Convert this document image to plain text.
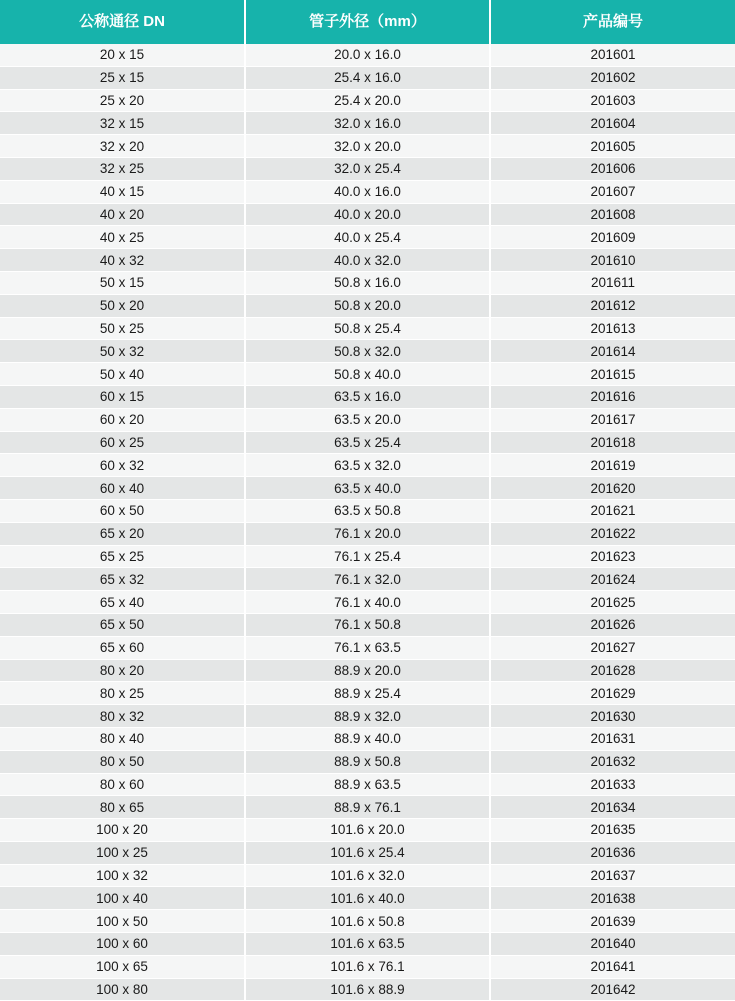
公称通径 DN	管子外径（mm）	产品编号
20 x 15	20.0 x 16.0	201601
25 x 15	25.4 x 16.0	201602
25 x 20	25.4 x 20.0	201603
32 x 15	32.0 x 16.0	201604
32 x 20	32.0 x 20.0	201605
32 x 25	32.0 x 25.4	201606
40 x 15	40.0 x 16.0	201607
40 x 20	40.0 x 20.0	201608
40 x 25	40.0 x 25.4	201609
40 x 32	40.0 x 32.0	201610
50 x 15	50.8 x 16.0	201611
50 x 20	50.8 x 20.0	201612
50 x 25	50.8 x 25.4	201613
50 x 32	50.8 x 32.0	201614
50 x 40	50.8 x 40.0	201615
60 x 15	63.5 x 16.0	201616
60 x 20	63.5 x 20.0	201617
60 x 25	63.5 x 25.4	201618
60 x 32	63.5 x 32.0	201619
60 x 40	63.5 x 40.0	201620
60 x 50	63.5 x 50.8	201621
65 x 20	76.1 x 20.0	201622
65 x 25	76.1 x 25.4	201623
65 x 32	76.1 x 32.0	201624
65 x 40	76.1 x 40.0	201625
65 x 50	76.1 x 50.8	201626
65 x 60	76.1 x 63.5	201627
80 x 20	88.9 x 20.0	201628
80 x 25	88.9 x 25.4	201629
80 x 32	88.9 x 32.0	201630
80 x 40	88.9 x 40.0	201631
80 x 50	88.9 x 50.8	201632
80 x 60	88.9 x 63.5	201633
80 x 65	88.9 x 76.1	201634
100 x 20	101.6 x 20.0	201635
100 x 25	101.6 x 25.4	201636
100 x 32	101.6 x 32.0	201637
100 x 40	101.6 x 40.0	201638
100 x 50	101.6 x 50.8	201639
100 x 60	101.6 x 63.5	201640
100 x 65	101.6 x 76.1	201641
100 x 80	101.6 x 88.9	201642
